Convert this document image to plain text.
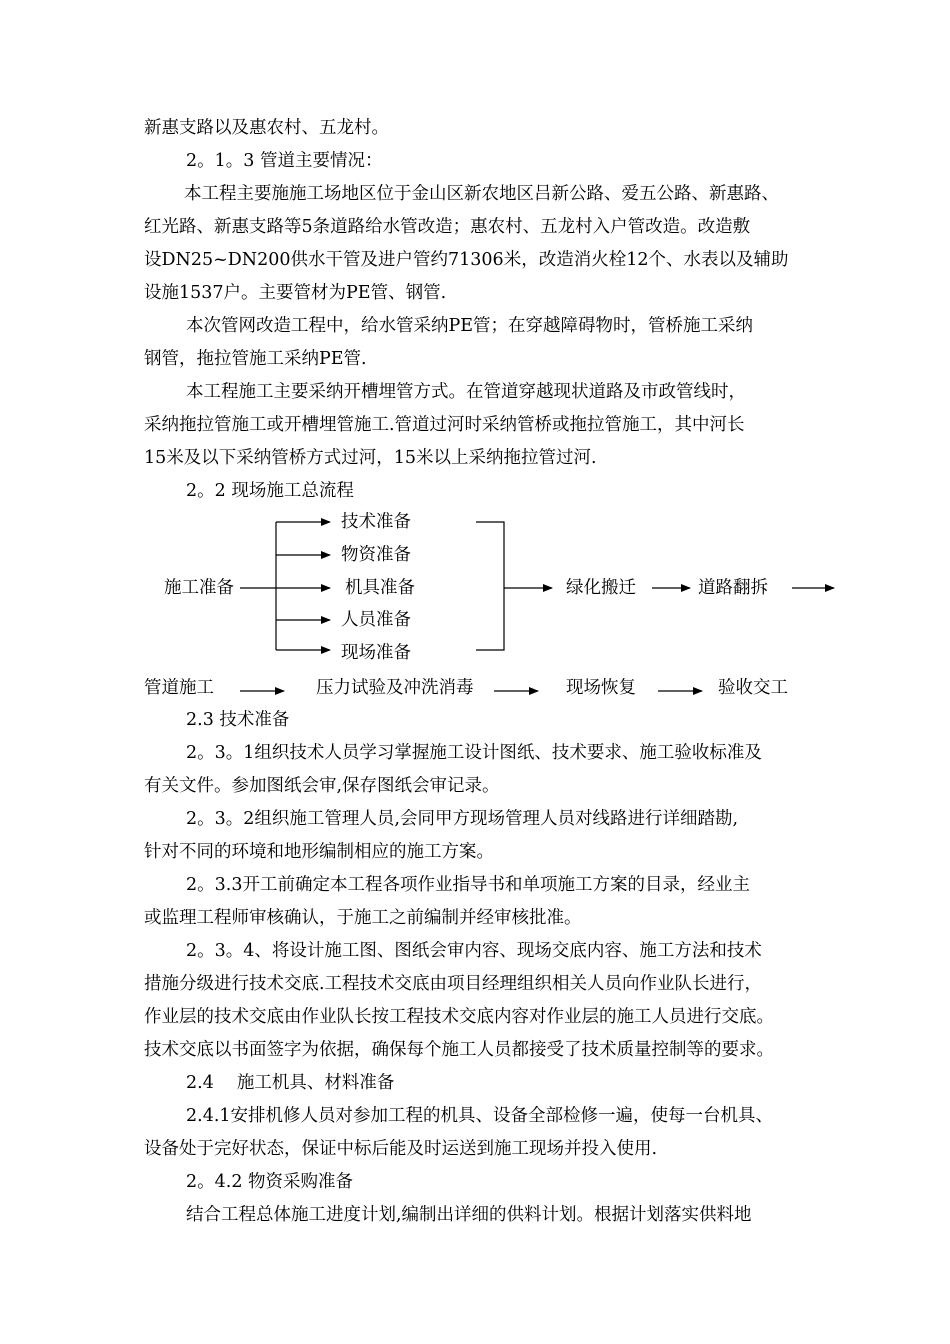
新惠支路以及惠农村、五龙村。
2。1。3 管道主要情况：
本工程主要施施工场地区位于金山区新农地区吕新公路、爱五公路、新惠路、
红光路、新惠支路等5条道路给水管改造；惠农村、五龙村入户管改造。改造敷
设DN25~DN200供水干管及进户管约71306米，改造消火栓12个、水表以及辅助
设施1537户。主要管材为PE管、钢管.
本次管网改造工程中，给水管采纳PE管；在穿越障碍物时，管桥施工采纳
钢管，拖拉管施工采纳PE管.
本工程施工主要采纳开槽埋管方式。在管道穿越现状道路及市政管线时，
采纳拖拉管施工或开槽埋管施工.管道过河时采纳管桥或拖拉管施工，其中河长
15米及以下采纳管桥方式过河，15米以上采纳拖拉管过河.
2。2 现场施工总流程
施工准备
技术准备
物资准备
机具准备
人员准备
现场准备
绿化搬迁	道路翻拆
管道施工	压力试验及冲洗消毒	现场恢复	验收交工
2.3 技术准备
2。3。1组织技术人员学习掌握施工设计图纸、技术要求、施工验收标准及
有关文件。参加图纸会审,保存图纸会审记录。
2。3。2组织施工管理人员,会同甲方现场管理人员对线路进行详细踏勘,
针对不同的环境和地形编制相应的施工方案。
2。3.3开工前确定本工程各项作业指导书和单项施工方案的目录，经业主
或监理工程师审核确认，于施工之前编制并经审核批准。
2。3。4、将设计施工图、图纸会审内容、现场交底内容、施工方法和技术
措施分级进行技术交底.工程技术交底由项目经理组织相关人员向作业队长进行，
作业层的技术交底由作业队长按工程技术交底内容对作业层的施工人员进行交底。
技术交底以书面签字为依据，确保每个施工人员都接受了技术质量控制等的要求。
2.4　 施工机具、材料准备
2.4.1安排机修人员对参加工程的机具、设备全部检修一遍，使每一台机具、
设备处于完好状态，保证中标后能及时运送到施工现场并投入使用.
2。4.2 物资采购准备
结合工程总体施工进度计划,编制出详细的供料计划。根据计划落实供料地
